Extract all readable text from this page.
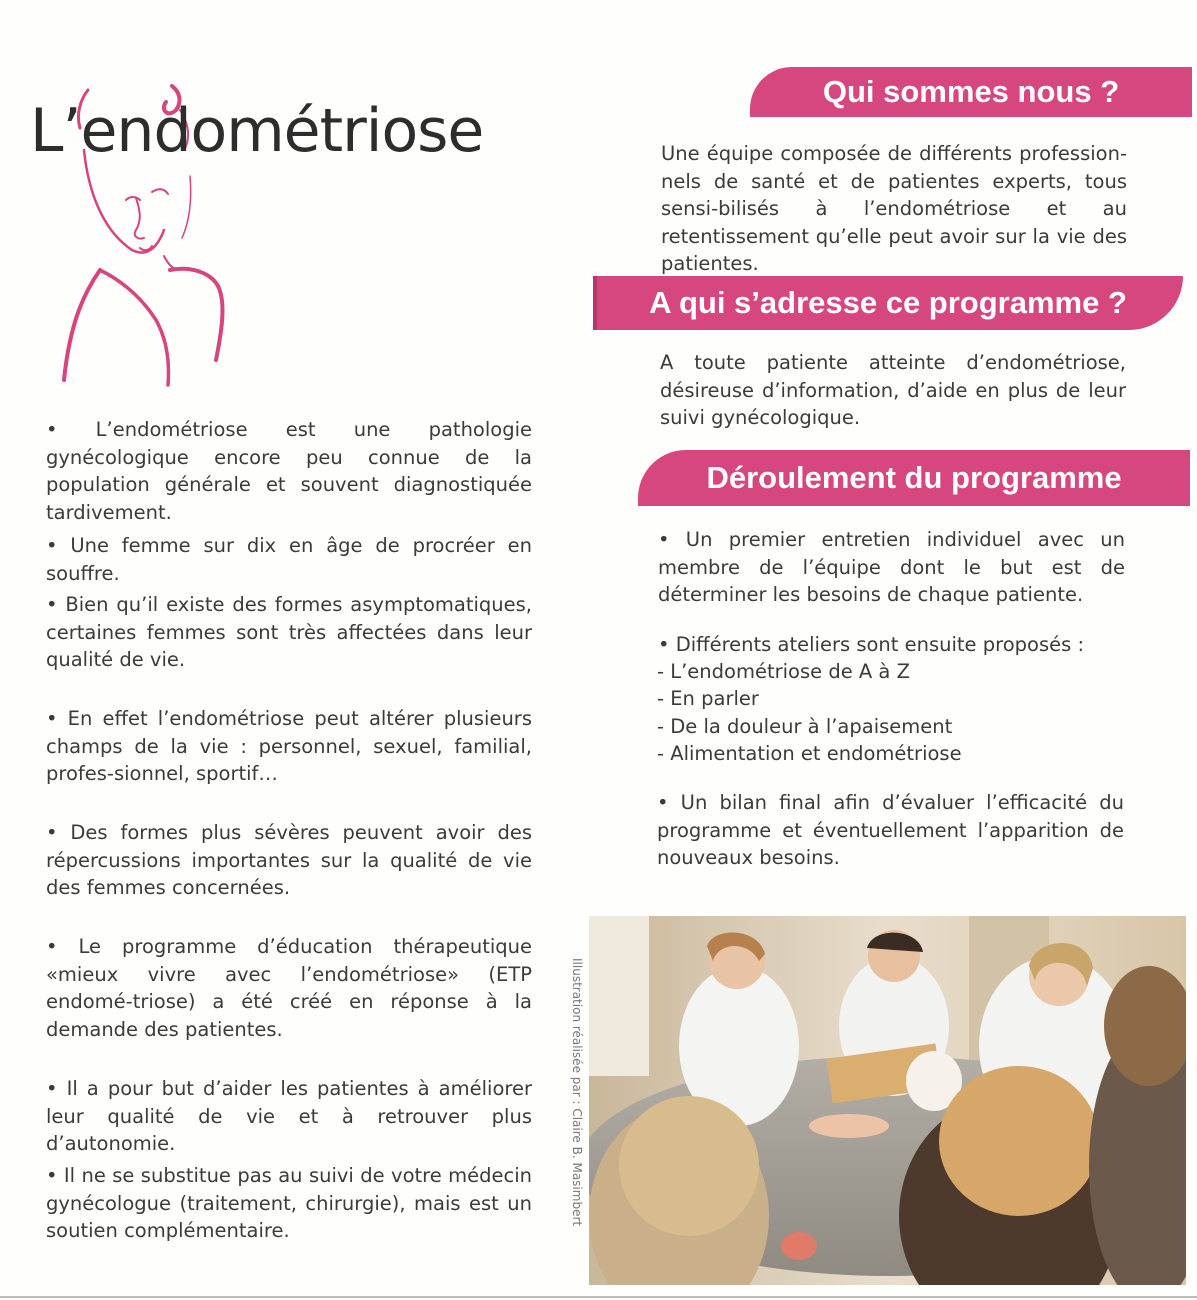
L’endométriose

• L’endométriose est une pathologie gynécologique encore peu connue de la population générale et souvent diagnostiquée tardivement.

• Une femme sur dix en âge de procréer en souffre.

• Bien qu’il existe des formes asymptomatiques, certaines femmes sont très affectées dans leur qualité de vie.

• En effet l’endométriose peut altérer plusieurs champs de la vie : personnel, sexuel, familial, profes-sionnel, sportif…

• Des formes plus sévères peuvent avoir des répercussions importantes sur la qualité de vie des femmes concernées.

• Le programme d’éducation thérapeutique «mieux vivre avec l’endométriose» (ETP endomé-triose) a été créé en réponse à la demande des patientes.

• Il a pour but d’aider les patientes à améliorer leur qualité de vie et à retrouver plus d’autonomie.

• Il ne se substitue pas au suivi de votre médecin gynécologue (traitement, chirurgie), mais est un soutien complémentaire.

Illustration réalisée par : Claire B. Masimbert
Qui sommes nous ?

Une équipe composée de différents profession-nels de santé et de patientes experts, tous sensi-bilisés à l’endométriose et au retentissement qu’elle peut avoir sur la vie des patientes.

A qui s’adresse ce programme ?

A toute patiente atteinte d’endométriose, désireuse d’information, d’aide en plus de leur suivi gynécologique.

Déroulement du programme

• Un premier entretien individuel avec un membre de l’équipe dont le but est de déterminer les besoins de chaque patiente.

• Différents ateliers sont ensuite proposés :

- L’endométriose de A à Z
- En parler
- De la douleur à l’apaisement
- Alimentation et endométriose

• Un bilan final afin d’évaluer l’efficacité du programme et éventuellement l’apparition de nouveaux besoins.
